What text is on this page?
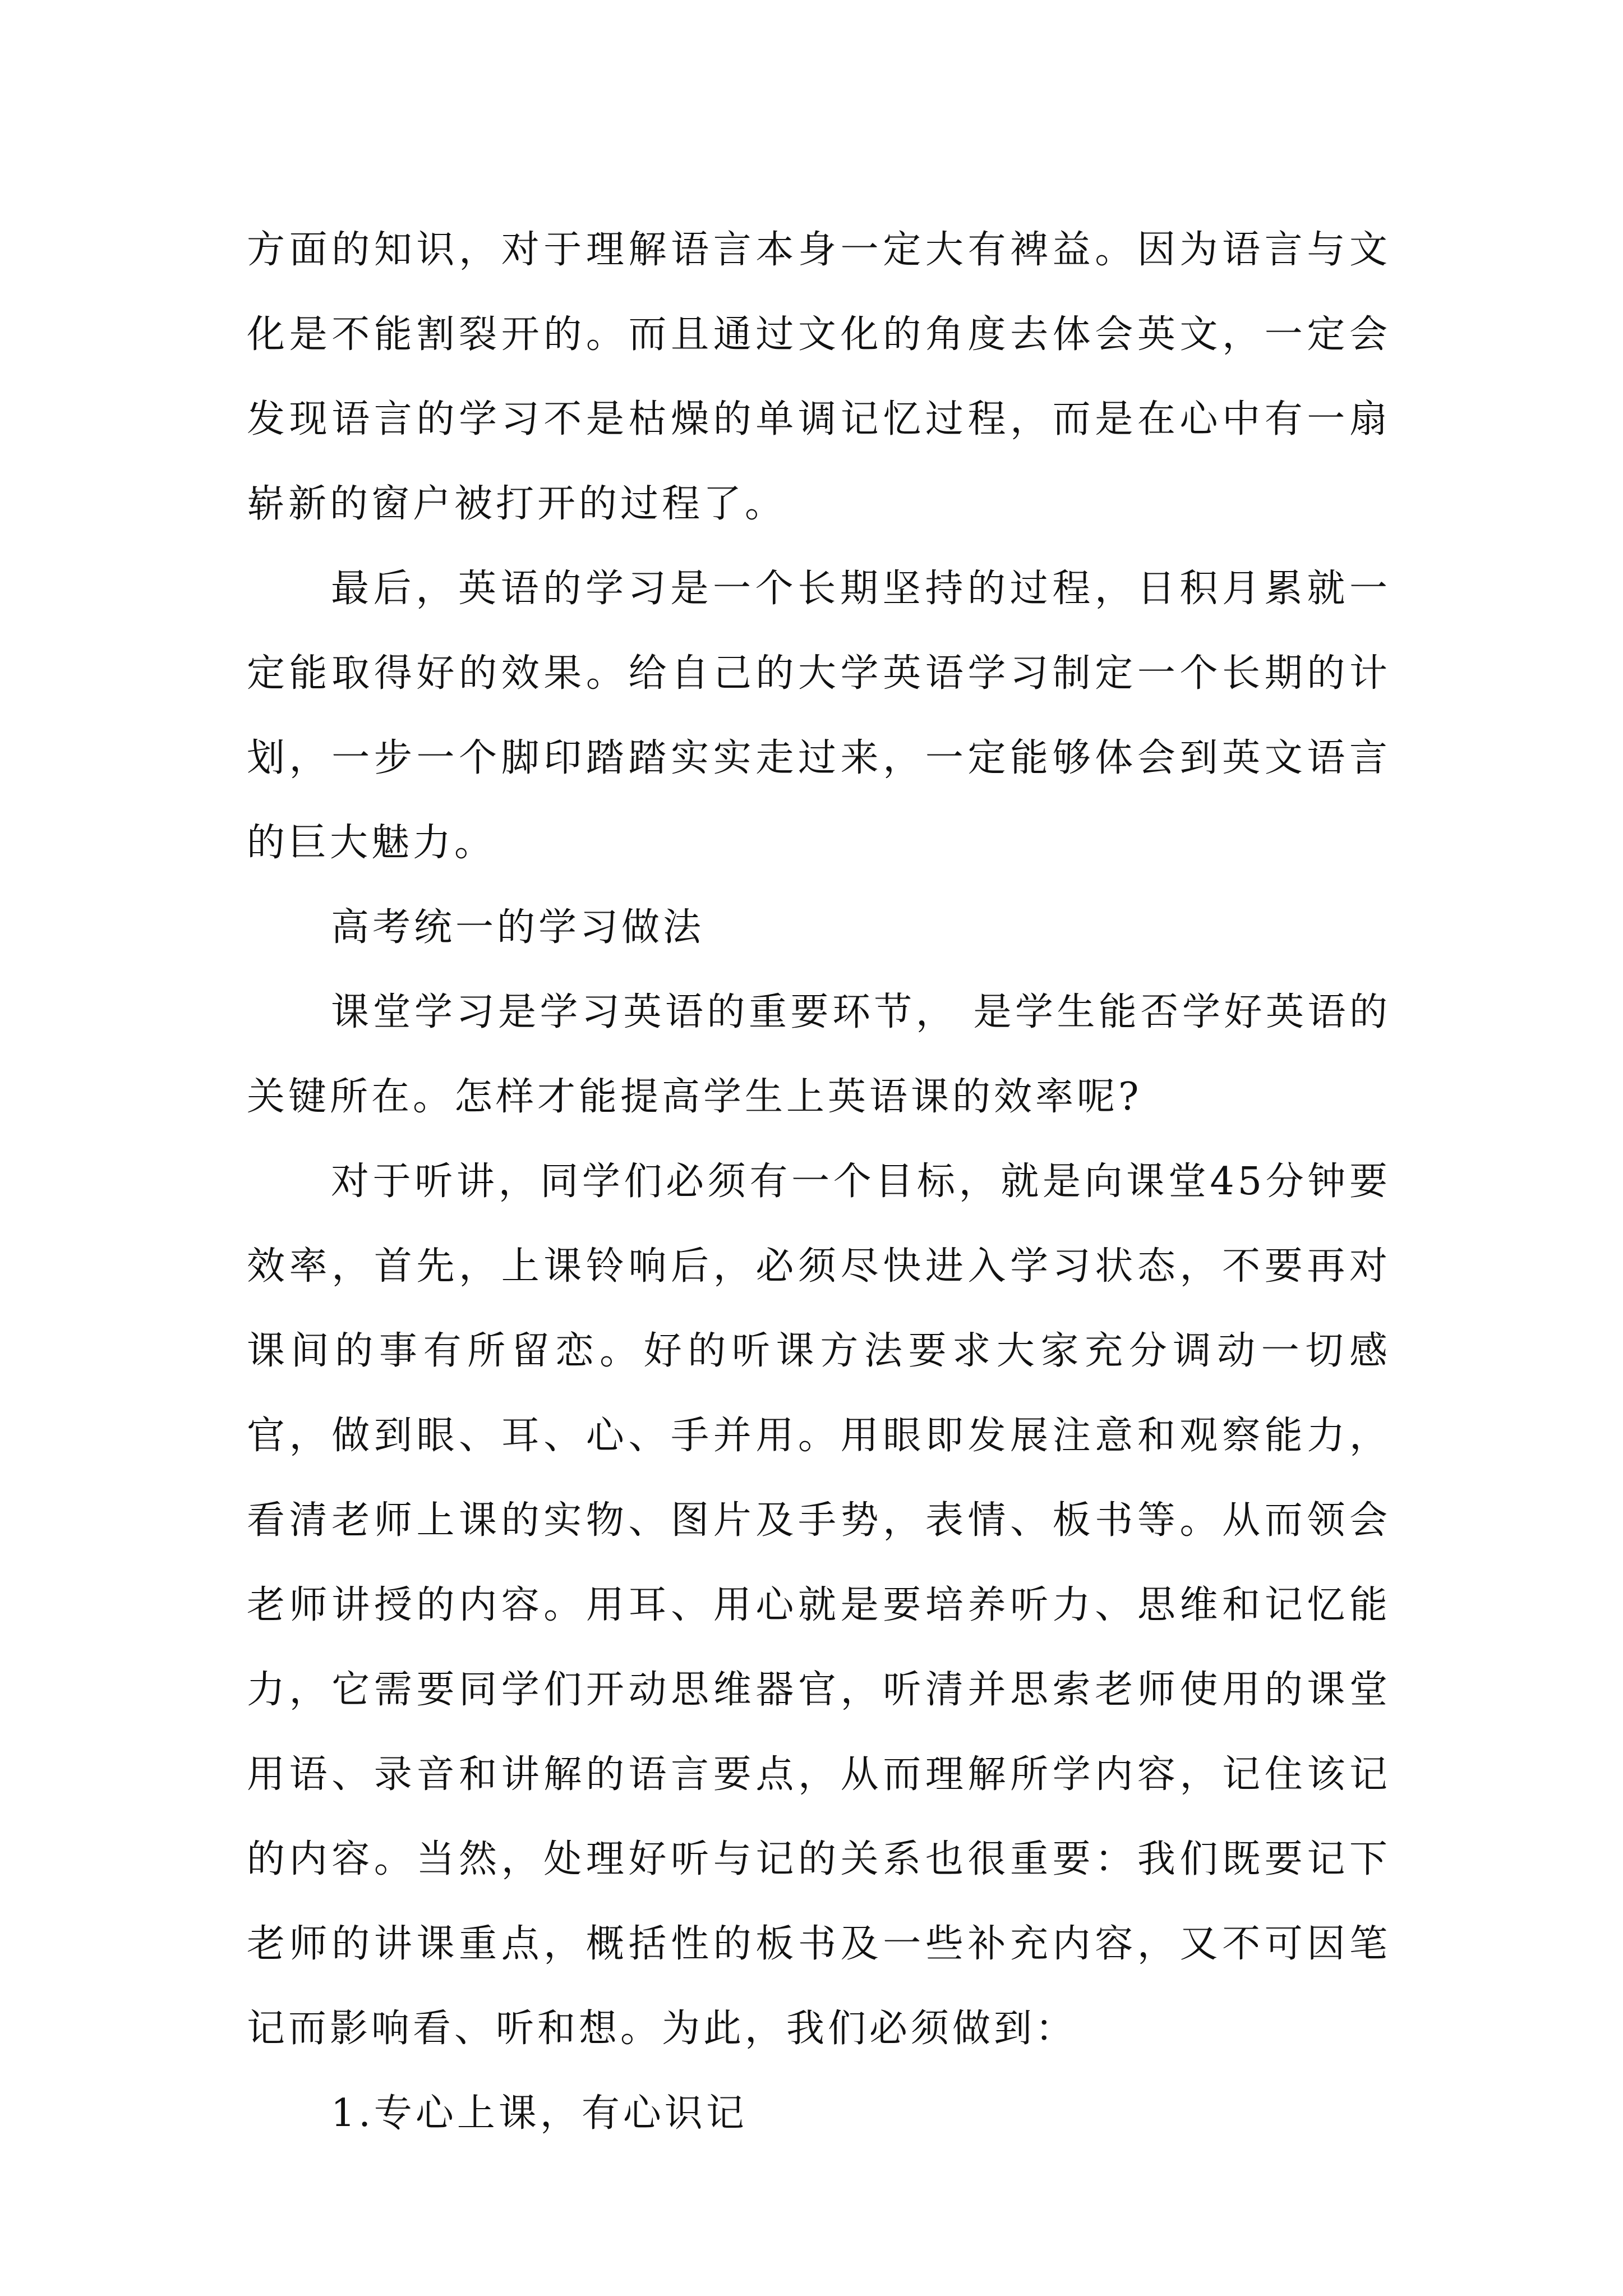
方面的知识，对于理解语言本身一定大有裨益。因为语言与文化是不能割裂开的。而且通过文化的角度去体会英文，一定会发现语言的学习不是枯燥的单调记忆过程，而是在心中有一扇崭新的窗户被打开的过程了。

最后，英语的学习是一个长期坚持的过程，日积月累就一定能取得好的效果。给自己的大学英语学习制定一个长期的计划，一步一个脚印踏踏实实走过来，一定能够体会到英文语言的巨大魅力。

高考统一的学习做法

课堂学习是学习英语的重要环节， 是学生能否学好英语的关键所在。怎样才能提高学生上英语课的效率呢?

对于听讲，同学们必须有一个目标，就是向课堂45分钟要效率，首先，上课铃响后，必须尽快进入学习状态，不要再对课间的事有所留恋。好的听课方法要求大家充分调动一切感官，做到眼、耳、心、手并用。用眼即发展注意和观察能力，看清老师上课的实物、图片及手势，表情、板书等。从而领会老师讲授的内容。用耳、用心就是要培养听力、思维和记忆能力，它需要同学们开动思维器官，听清并思索老师使用的课堂用语、录音和讲解的语言要点，从而理解所学内容，记住该记的内容。当然，处理好听与记的关系也很重要：我们既要记下老师的讲课重点，概括性的板书及一些补充内容，又不可因笔记而影响看、听和想。为此，我们必须做到：

1.专心上课，有心识记
